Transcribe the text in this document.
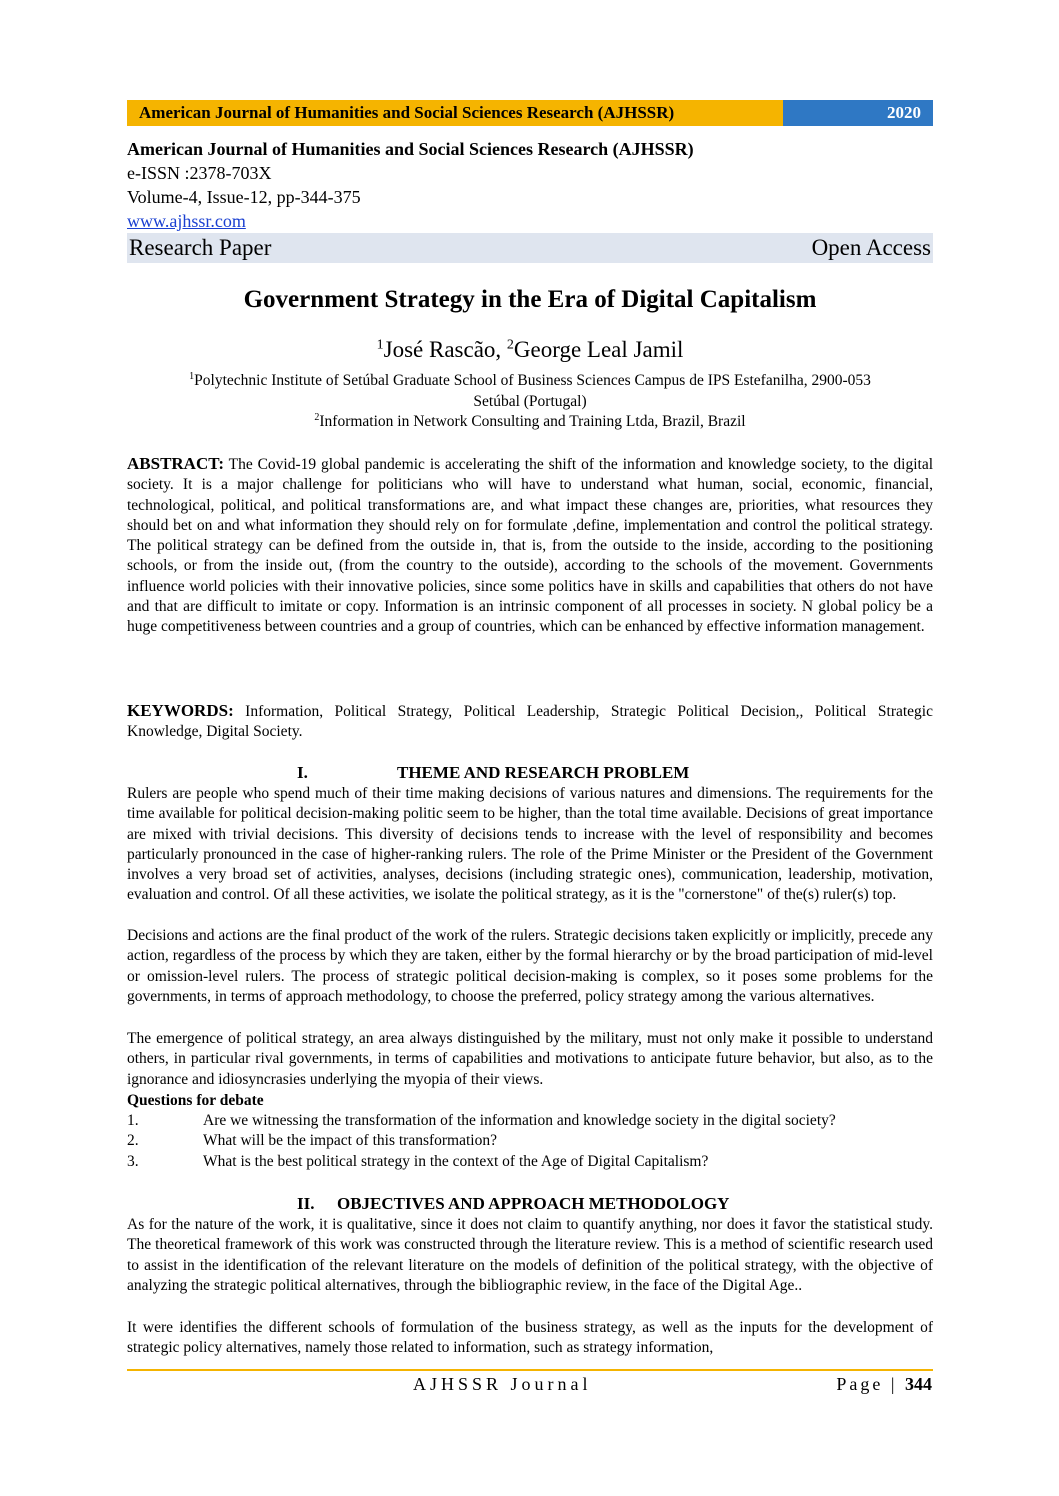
American Journal of Humanities and Social Sciences Research (AJHSSR)	2020
American Journal of Humanities and Social Sciences Research (AJHSSR)
e-ISSN :2378-703X
Volume-4, Issue-12, pp-344-375
www.ajhssr.com
Research Paper	Open Access
Government Strategy in the Era of Digital Capitalism
$^1$José Rascão, $^2$George Leal Jamil
$^1$Polytechnic Institute of Setúbal Graduate School of Business Sciences Campus de IPS Estefanilha, 2900-053
Setúbal (Portugal)
$^2$Information in Network Consulting and Training Ltda, Brazil, Brazil
ABSTRACT: The Covid-19 global pandemic is accelerating the shift of the information and knowledge society, to the digital society. It is a major challenge for politicians who will have to understand what human, social, economic, financial, technological, political, and political transformations are, and what impact these changes are, priorities, what resources they should bet on and what information they should rely on for formulate ,define, implementation and control the political strategy. The political strategy can be defined from the outside in, that is, from the outside to the inside, according to the positioning schools, or from the inside out, (from the country to the outside), according to the schools of the movement. Governments influence world policies with their innovative policies, since some politics have in skills and capabilities that others do not have and that are difficult to imitate or copy. Information is an intrinsic component of all processes in society. N global policy be a huge competitiveness between countries and a group of countries, which can be enhanced by effective information management.
KEYWORDS: Information, Political Strategy, Political Leadership, Strategic Political Decision,, Political Strategic Knowledge, Digital Society.
I.	THEME AND RESEARCH PROBLEM
Rulers are people who spend much of their time making decisions of various natures and dimensions. The requirements for the time available for political decision-making politic seem to be higher, than the total time available. Decisions of great importance are mixed with trivial decisions. This diversity of decisions tends to increase with the level of responsibility and becomes particularly pronounced in the case of higher-ranking rulers. The role of the Prime Minister or the President of the Government involves a very broad set of activities, analyses, decisions (including strategic ones), communication, leadership, motivation, evaluation and control. Of all these activities, we isolate the political strategy, as it is the "cornerstone" of the(s) ruler(s) top.
Decisions and actions are the final product of the work of the rulers. Strategic decisions taken explicitly or implicitly, precede any action, regardless of the process by which they are taken, either by the formal hierarchy or by the broad participation of mid-level or omission-level rulers. The process of strategic political decision-making is complex, so it poses some problems for the governments, in terms of approach methodology, to choose the preferred, policy strategy among the various alternatives.
The emergence of political strategy, an area always distinguished by the military, must not only make it possible to understand others, in particular rival governments, in terms of capabilities and motivations to anticipate future behavior, but also, as to the ignorance and idiosyncrasies underlying the myopia of their views.
Questions for debate
1.	Are we witnessing the transformation of the information and knowledge society in the digital society?
2.	What will be the impact of this transformation?
3.	What is the best political strategy in the context of the Age of Digital Capitalism?
II. OBJECTIVES AND APPROACH METHODOLOGY
As for the nature of the work, it is qualitative, since it does not claim to quantify anything, nor does it favor the statistical study. The theoretical framework of this work was constructed through the literature review. This is a method of scientific research used to assist in the identification of the relevant literature on the models of definition of the political strategy, with the objective of analyzing the strategic political alternatives, through the bibliographic review, in the face of the Digital Age..
It were identifies the different schools of formulation of the business strategy, as well as the inputs for the development of strategic policy alternatives, namely those related to information, such as strategy information,
AJHSSR Journal	Page | 344
